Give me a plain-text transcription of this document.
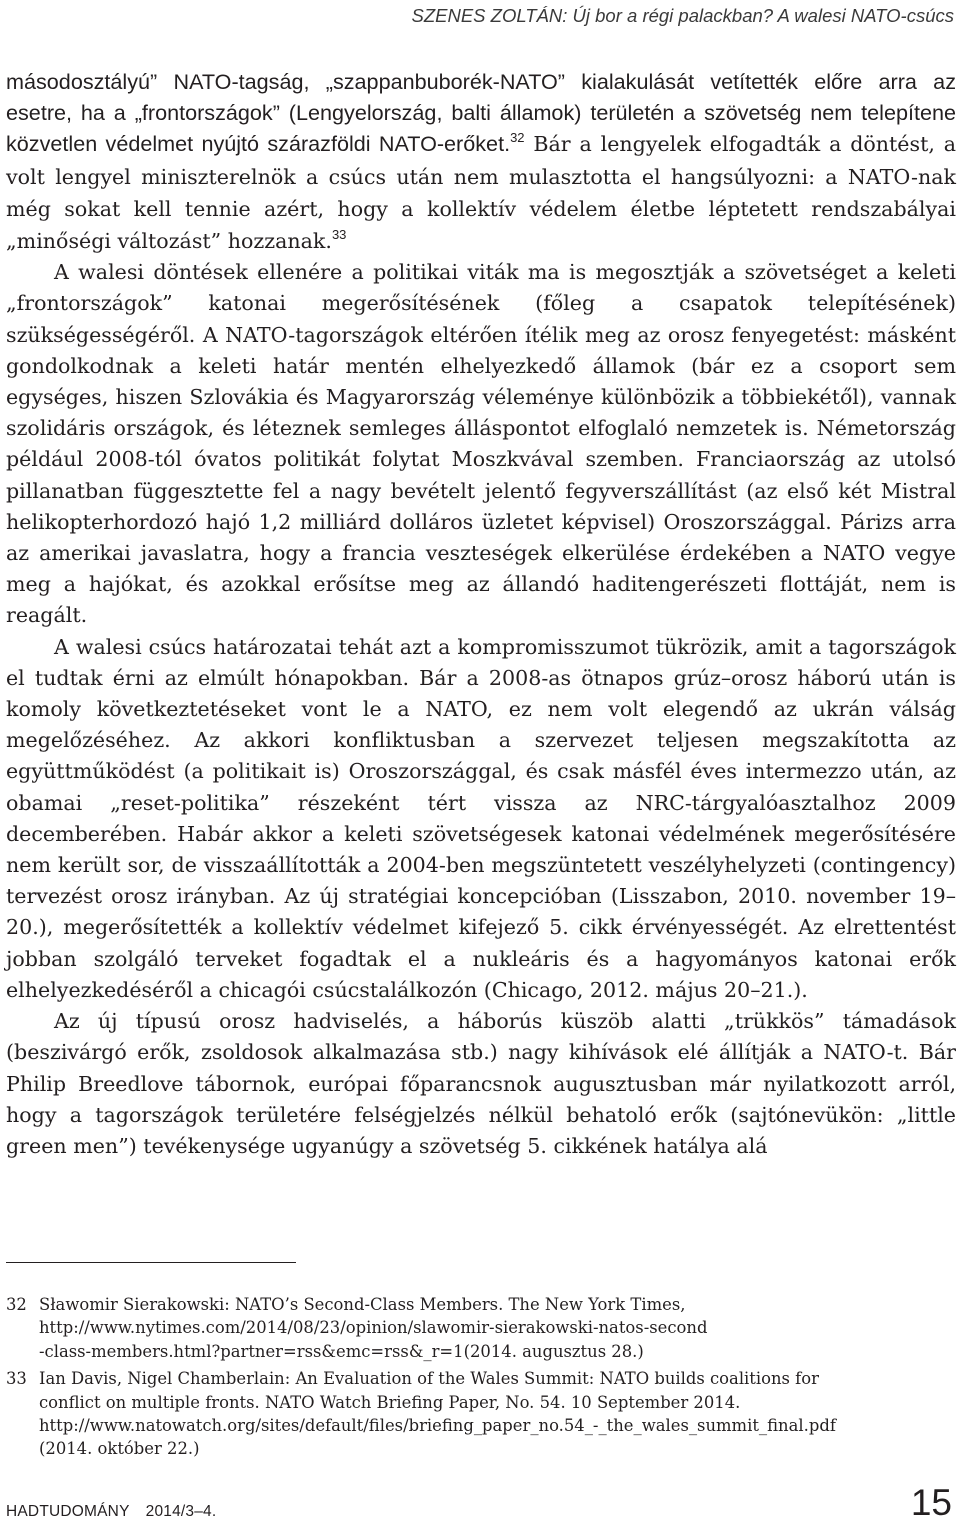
SZENES ZOLTÁN: Új bor a régi palackban? A walesi NATO-csúcs

másodosztályú” NATO-tagság, „szappanbuborék-NATO” kialakulását vetítették előre arra az esetre, ha a „frontországok” (Lengyelország, balti államok) területén a szövetség nem telepítene közvetlen védelmet nyújtó szárazföldi NATO-erőket.$^{32}$ Bár a lengyelek elfogadták a döntést, a volt lengyel miniszterelnök a csúcs után nem mulasztotta el hangsúlyozni: a NATO-nak még sokat kell tennie azért, hogy a kollektív védelem életbe léptetett rendszabályai „minőségi változást” hozzanak.$^{33}$

A walesi döntések ellenére a politikai viták ma is megosztják a szövetséget a keleti „frontországok” katonai megerősítésének (főleg a csapatok telepítésének) szükségességéről. A NATO-tagországok eltérően ítélik meg az orosz fenyegetést: másként gondolkodnak a keleti határ mentén elhelyezkedő államok (bár ez a csoport sem egységes, hiszen Szlovákia és Magyarország véleménye különbözik a többiekétől), vannak szolidáris országok, és léteznek semleges álláspontot elfoglaló nemzetek is. Németország például 2008-tól óvatos politikát folytat Moszkvával szemben. Franciaország az utolsó pillanatban függesztette fel a nagy bevételt jelentő fegyverszállítást (az első két Mistral helikopterhordozó hajó 1,2 milliárd dolláros üzletet képvisel) Oroszországgal. Párizs arra az amerikai javaslatra, hogy a francia veszteségek elkerülése érdekében a NATO vegye meg a hajókat, és azokkal erősítse meg az állandó haditengerészeti flottáját, nem is reagált.

A walesi csúcs határozatai tehát azt a kompromisszumot tükrözik, amit a tagországok el tudtak érni az elmúlt hónapokban. Bár a 2008-as ötnapos grúz–orosz háború után is komoly következtetéseket vont le a NATO, ez nem volt elegendő az ukrán válság megelőzéséhez. Az akkori konfliktusban a szervezet teljesen megszakította az együttműködést (a politikait is) Oroszországgal, és csak másfél éves intermezzo után, az obamai „reset-politika” részeként tért vissza az NRC-tárgyalóasztalhoz 2009 decemberében. Habár akkor a keleti szövetségesek katonai védelmének megerősítésére nem került sor, de visszaállították a 2004-ben megszüntetett veszélyhelyzeti (contingency) tervezést orosz irányban. Az új stratégiai koncepcióban (Lisszabon, 2010. november 19–20.), megerősítették a kollektív védelmet kifejező 5. cikk érvényességét. Az elrettentést jobban szolgáló terveket fogadtak el a nukleáris és a hagyományos katonai erők elhelyezkedéséről a chicagói csúcstalálkozón (Chicago, 2012. május 20–21.).

Az új típusú orosz hadviselés, a háborús küszöb alatti „trükkös” támadások (beszivárgó erők, zsoldosok alkalmazása stb.) nagy kihívások elé állítják a NATO-t. Bár Philip Breedlove tábornok, európai főparancsnok augusztusban már nyilatkozott arról, hogy a tagországok területére felségjelzés nélkül behatoló erők (sajtónevükön: „little green men”) tevékenysége ugyanúgy a szövetség 5. cikkének hatálya alá

32 Sławomir Sierakowski: NATO’s Second-Class Members. The New York Times,
http://www.nytimes.com/2014/08/23/opinion/slawomir-sierakowski-natos-second
-class-members.html?partner=rss&emc=rss&_r=1(2014. augusztus 28.)
33 Ian Davis, Nigel Chamberlain: An Evaluation of the Wales Summit: NATO builds coalitions for
conflict on multiple fronts. NATO Watch Briefing Paper, No. 54. 10 September 2014.
http://www.natowatch.org/sites/default/files/briefing_paper_no.54_-_the_wales_summit_final.pdf
(2014. október 22.)
HADTUDOMÁNY 2014/3–4.	15
